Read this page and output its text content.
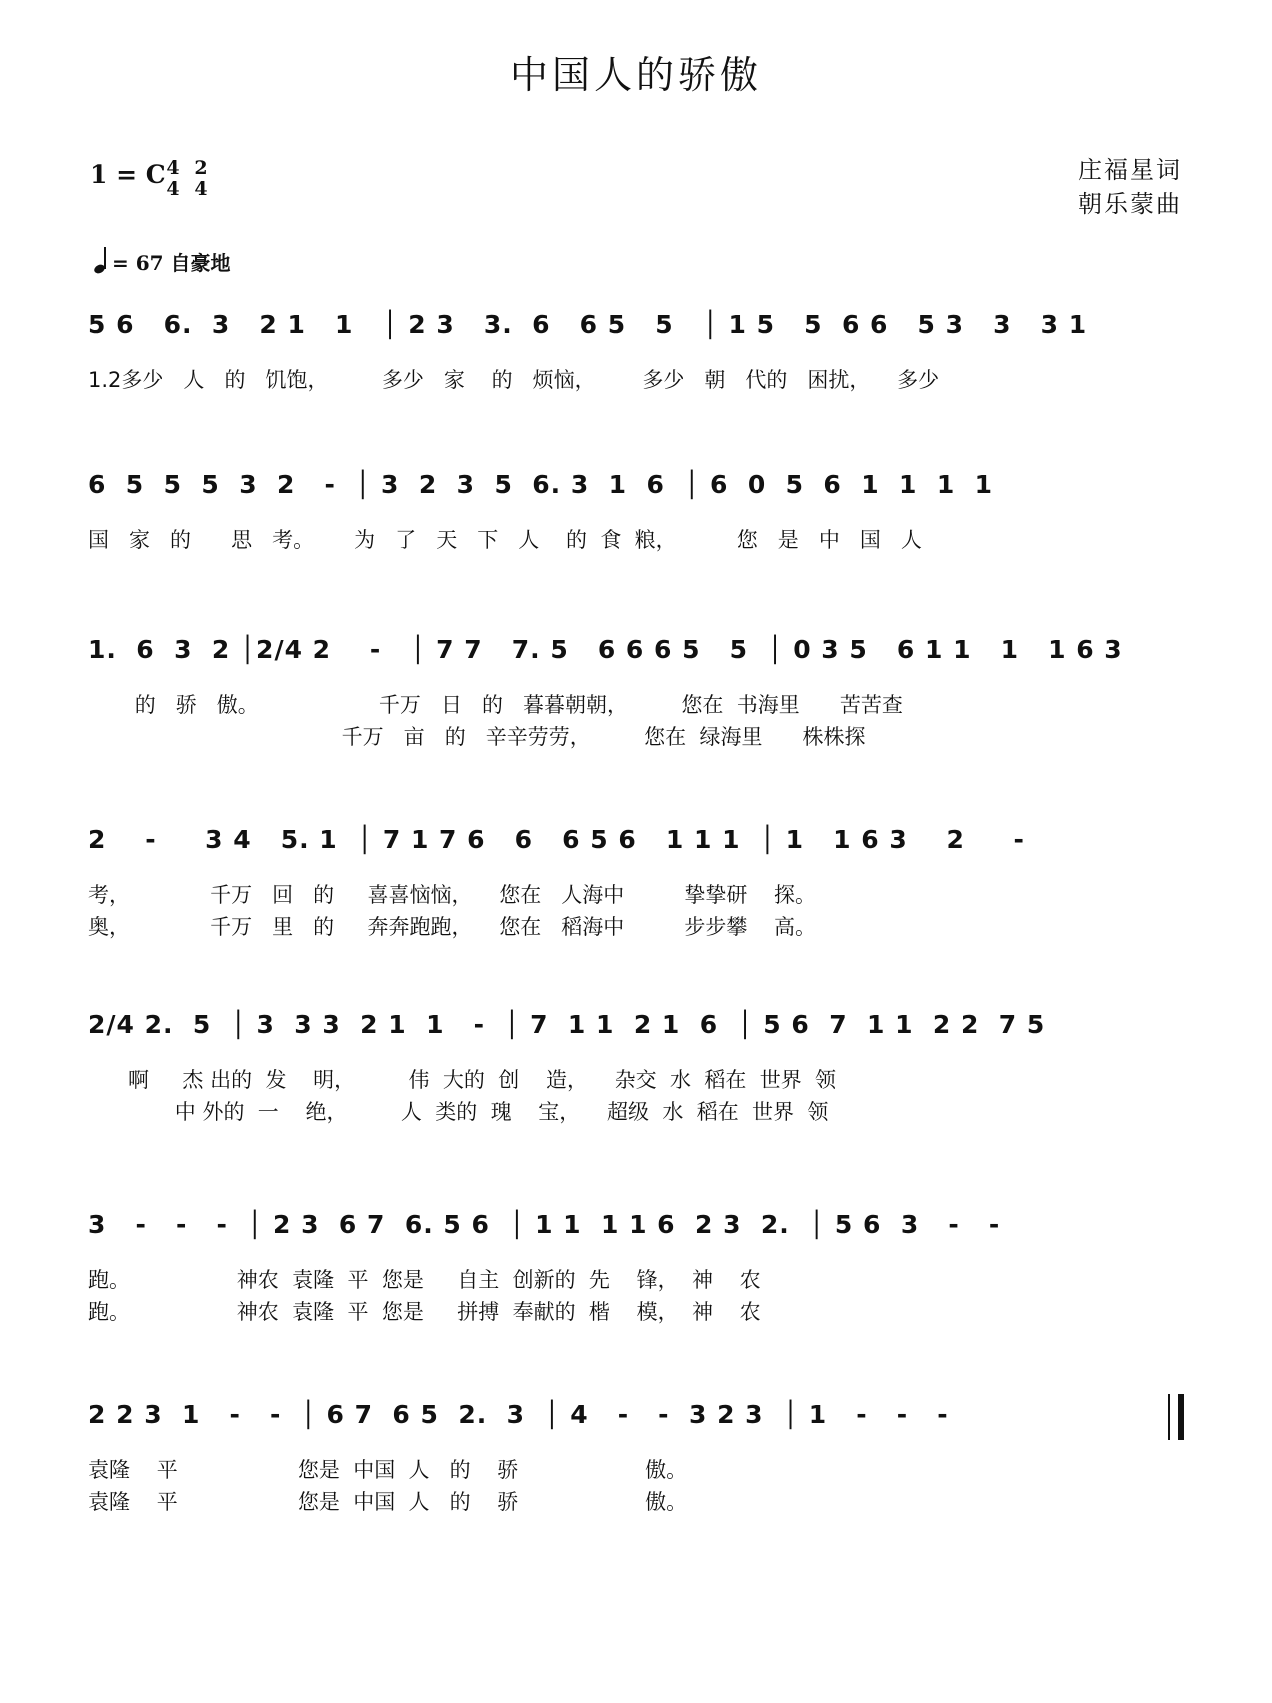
中国人的骄傲
1 = C 4
4
2
4
庄福星词
朝乐蒙曲
= 67 自豪地
5 6   6.  3   2 1   1   │ 2 3   3.  6   6 5   5   │ 1 5   5  6 6   5 3   3   3 1
1.2多少   人   的   饥饱，        多少   家    的   烦恼，       多少   朝   代的   困扰，    多少
6  5  5  5  3  2   -  │ 3  2  3  5  6. 3  1  6  │ 6  0  5  6  1  1  1  1
国   家   的      思   考。      为   了   天   下   人    的  食  粮，         您   是   中   国   人
1.  6  3  2 │2/4 2    -   │ 7 7   7. 5   6 6 6 5   5  │ 0 3 5   6 1 1   1   1 6 3
的   骄   傲。                  千万   日   的   暮暮朝朝，        您在  书海里      苦苦查
千万   亩   的   辛辛劳劳，        您在  绿海里      株株探
2    -     3 4   5. 1  │ 7 1 7 6   6   6 5 6   1 1 1  │ 1   1 6 3    2     -
考，            千万   回   的     喜喜恼恼，    您在   人海中         挚挚研    探。
奥，            千万   里   的     奔奔跑跑，    您在   稻海中         步步攀    高。
2/4 2.  5  │ 3  3 3  2 1  1   -  │ 7  1 1  2 1  6  │ 5 6  7  1 1  2 2  7 5
啊     杰 出的  发    明，        伟  大的  创    造，    杂交  水  稻在  世界  领
中 外的  一    绝，        人  类的  瑰    宝，    超级  水  稻在  世界  领
3   -   -   -  │ 2 3  6 7  6. 5 6  │ 1 1  1 1 6  2 3  2.  │ 5 6  3   -   -
跑。                神农  袁隆  平  您是     自主  创新的  先    锋，  神    农
跑。                神农  袁隆  平  您是     拼搏  奉献的  楷    模，  神    农
2 2 3  1   -   -  │ 6 7  6 5  2.  3  │ 4   -   -  3 2 3  │ 1   -   -   -
袁隆    平                  您是  中国  人   的    骄                   傲。
袁隆    平                  您是  中国  人   的    骄                   傲。
